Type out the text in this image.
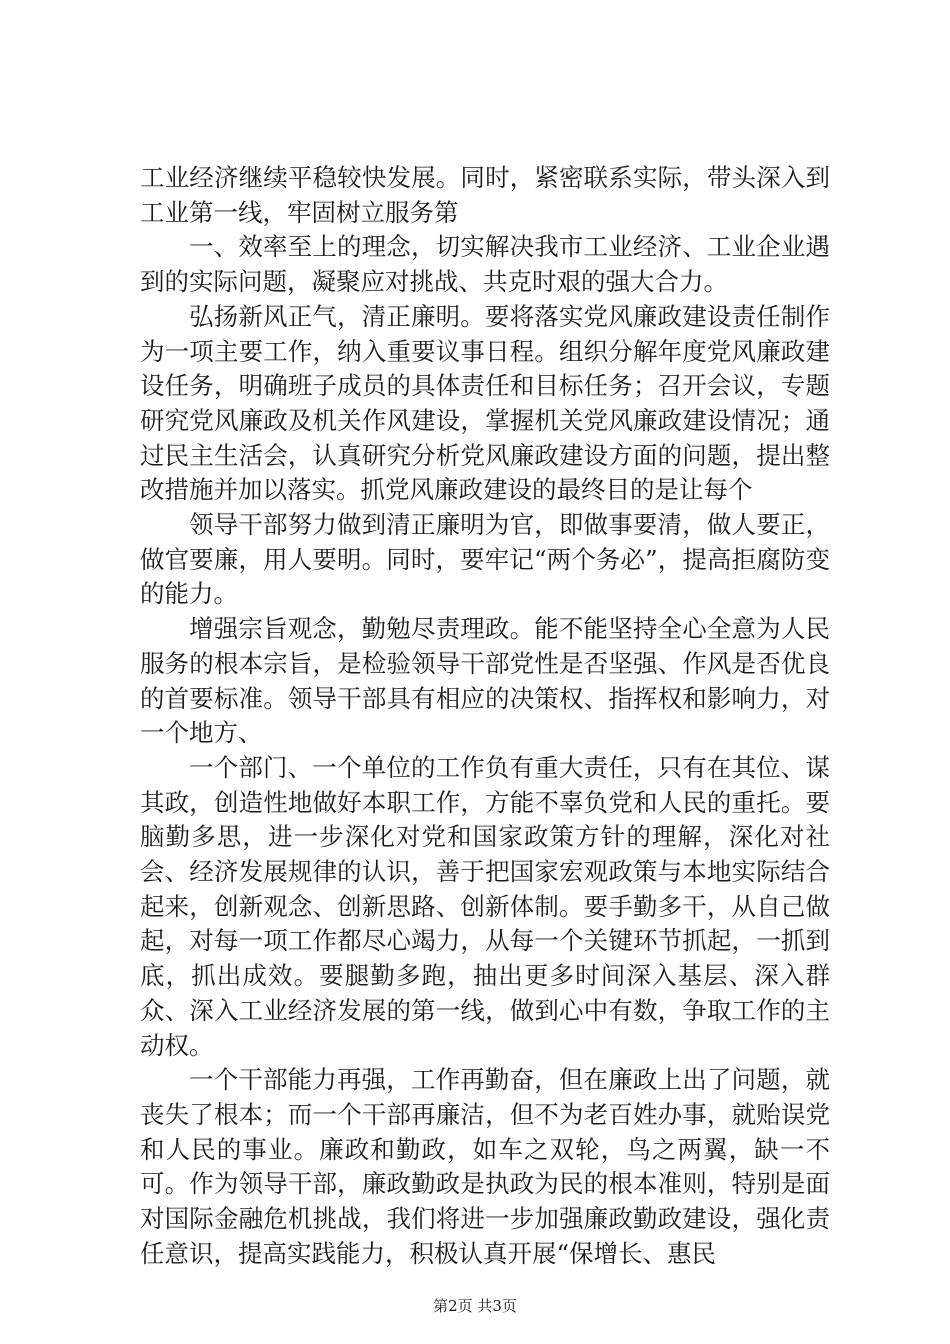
工业经济继续平稳较快发展。同时，紧密联系实际，带头深入到工业第一线，牢固树立服务第

一、效率至上的理念，切实解决我市工业经济、工业企业遇到的实际问题，凝聚应对挑战、共克时艰的强大合力。

弘扬新风正气，清正廉明。要将落实党风廉政建设责任制作为一项主要工作，纳入重要议事日程。组织分解年度党风廉政建设任务，明确班子成员的具体责任和目标任务；召开会议，专题研究党风廉政及机关作风建设，掌握机关党风廉政建设情况；通过民主生活会，认真研究分析党风廉政建设方面的问题，提出整改措施并加以落实。抓党风廉政建设的最终目的是让每个

领导干部努力做到清正廉明为官，即做事要清，做人要正，做官要廉，用人要明。同时，要牢记“两个务必”，提高拒腐防变的能力。

增强宗旨观念，勤勉尽责理政。能不能坚持全心全意为人民服务的根本宗旨，是检验领导干部党性是否坚强、作风是否优良的首要标准。领导干部具有相应的决策权、指挥权和影响力，对一个地方、

一个部门、一个单位的工作负有重大责任，只有在其位、谋其政，创造性地做好本职工作，方能不辜负党和人民的重托。要脑勤多思，进一步深化对党和国家政策方针的理解，深化对社会、经济发展规律的认识，善于把国家宏观政策与本地实际结合起来，创新观念、创新思路、创新体制。要手勤多干，从自己做起，对每一项工作都尽心竭力，从每一个关键环节抓起，一抓到底，抓出成效。要腿勤多跑，抽出更多时间深入基层、深入群众、深入工业经济发展的第一线，做到心中有数，争取工作的主动权。

一个干部能力再强，工作再勤奋，但在廉政上出了问题，就丧失了根本；而一个干部再廉洁，但不为老百姓办事，就贻误党和人民的事业。廉政和勤政，如车之双轮，鸟之两翼，缺一不可。作为领导干部，廉政勤政是执政为民的根本准则，特别是面对国际金融危机挑战，我们将进一步加强廉政勤政建设，强化责任意识，提高实践能力，积极认真开展“保增长、惠民

第2页 共3页
